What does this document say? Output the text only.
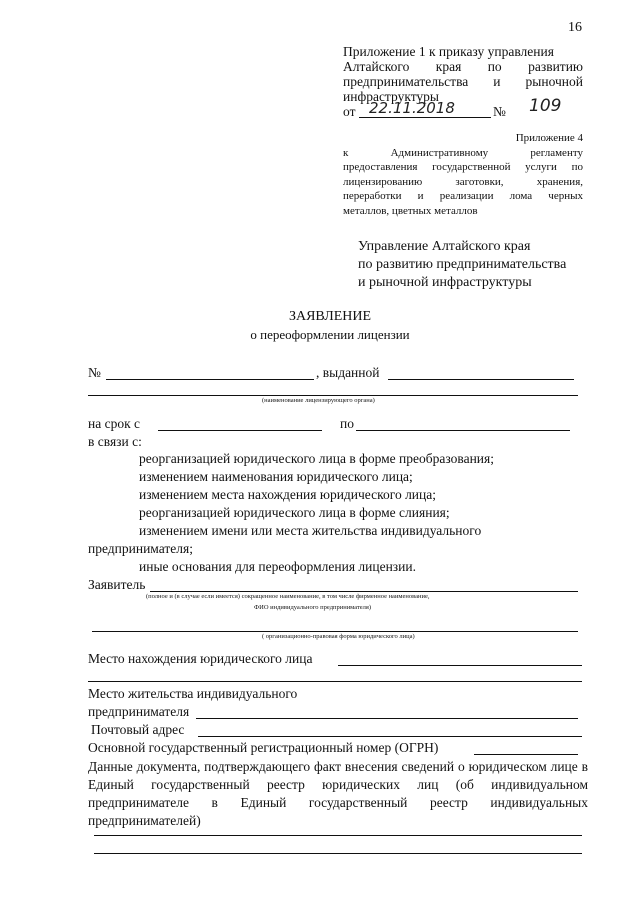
16
Приложение 1 к приказу управления
Алтайского края по развитию
предпринимательства и рыночной
инфраструктуры
от 22.11.2018	№ 109
Приложение 4
к Административному регламенту
предоставления государственной услуги по
лицензированию заготовки, хранения,
переработки и реализации лома черных
металлов, цветных металлов
Управление Алтайского края
по развитию предпринимательства
и рыночной инфраструктуры
ЗАЯВЛЕНИЕ
о переоформлении лицензии
№	, выданной
(наименование лицензирующего органа)
на срок с	по
в связи с:
реорганизацией юридического лица в форме преобразования;
изменением наименования юридического лица;
изменением места нахождения юридического лица;
реорганизацией юридического лица в форме слияния;
изменением имени или места жительства индивидуального
предпринимателя;
иные основания для переоформления лицензии.
Заявитель
(полное и (в случае если имеется) сокращенное наименование, в том числе фирменное наименование,
ФИО индивидуального предпринимателя)
( организационно-правовая форма юридического лица)
Место нахождения юридического лица
Место жительства индивидуального
предпринимателя
Почтовый адрес
Основной государственный регистрационный номер (ОГРН)
Данные документа, подтверждающего факт внесения сведений о юридическом лице в Единый государственный реестр юридических лиц (об индивидуальном предпринимателе в Единый государственный реестр индивидуальных предпринимателей)
